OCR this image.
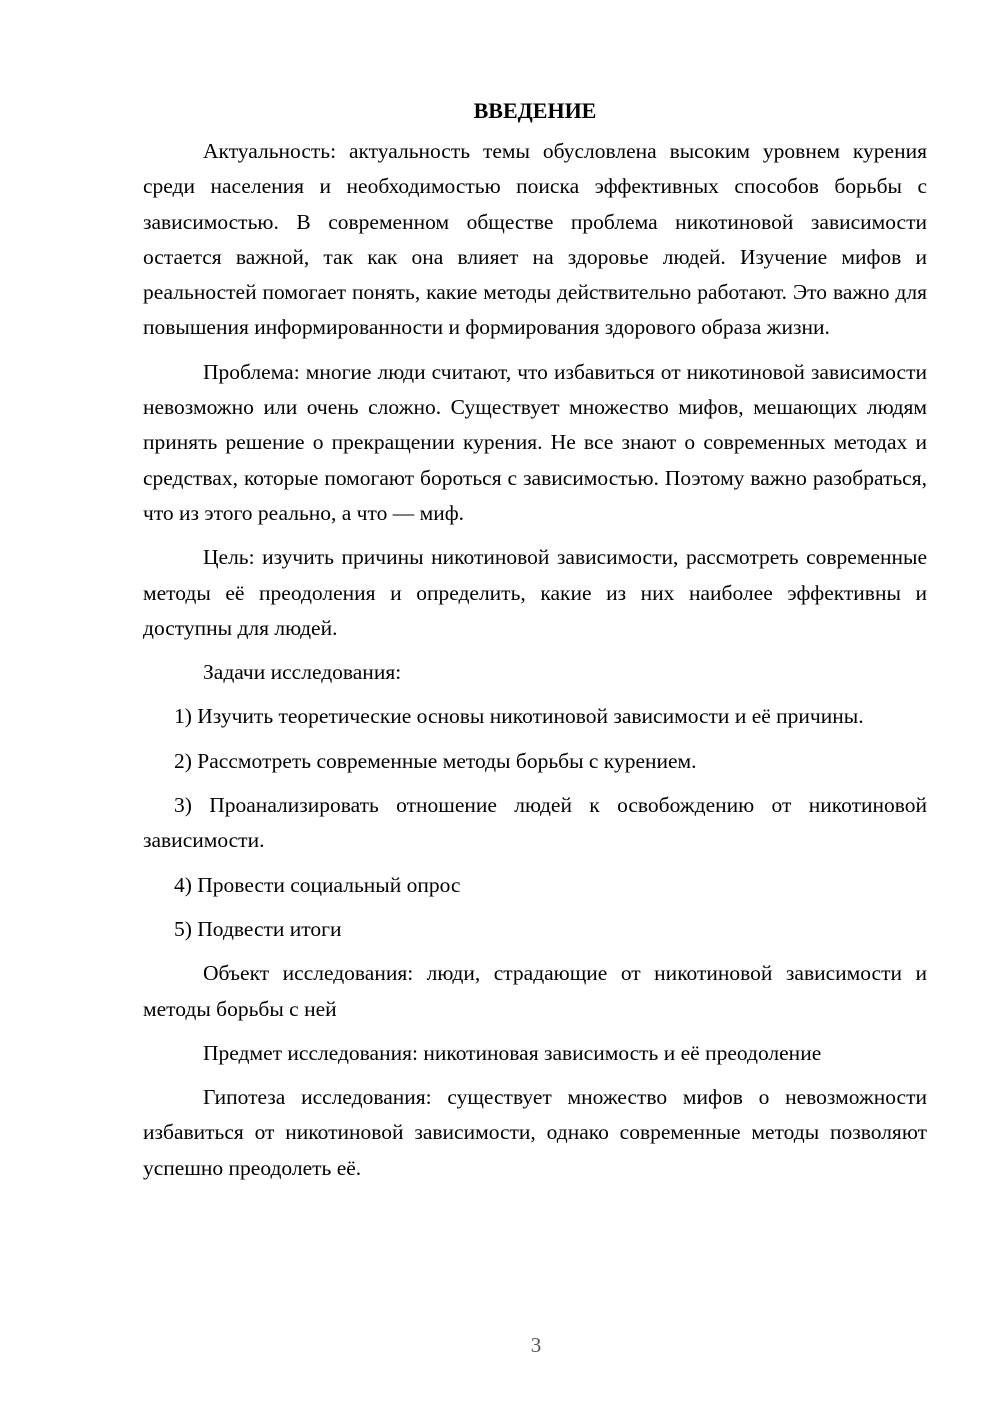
ВВЕДЕНИЕ

Актуальность: актуальность темы обусловлена высоким уровнем курения среди населения и необходимостью поиска эффективных способов борьбы с зависимостью. В современном обществе проблема никотиновой зависимости остается важной, так как она влияет на здоровье людей. Изучение мифов и реальностей помогает понять, какие методы действительно работают. Это важно для повышения информированности и формирования здорового образа жизни.

Проблема: многие люди считают, что избавиться от никотиновой зависимости невозможно или очень сложно. Существует множество мифов, мешающих людям принять решение о прекращении курения. Не все знают о современных методах и средствах, которые помогают бороться с зависимостью. Поэтому важно разобраться, что из этого реально, а что — миф.

Цель: изучить причины никотиновой зависимости, рассмотреть современные методы её преодоления и определить, какие из них наиболее эффективны и доступны для людей.

Задачи исследования:

1) Изучить теоретические основы никотиновой зависимости и её причины.

2) Рассмотреть современные методы борьбы с курением.

3) Проанализировать отношение людей к освобождению от никотиновой зависимости.

4) Провести социальный опрос

5) Подвести итоги

Объект исследования: люди, страдающие от никотиновой зависимости и методы борьбы с ней

Предмет исследования: никотиновая зависимость и её преодоление

Гипотеза исследования: существует множество мифов о невозможности избавиться от никотиновой зависимости, однако современные методы позволяют успешно преодолеть её.

3
